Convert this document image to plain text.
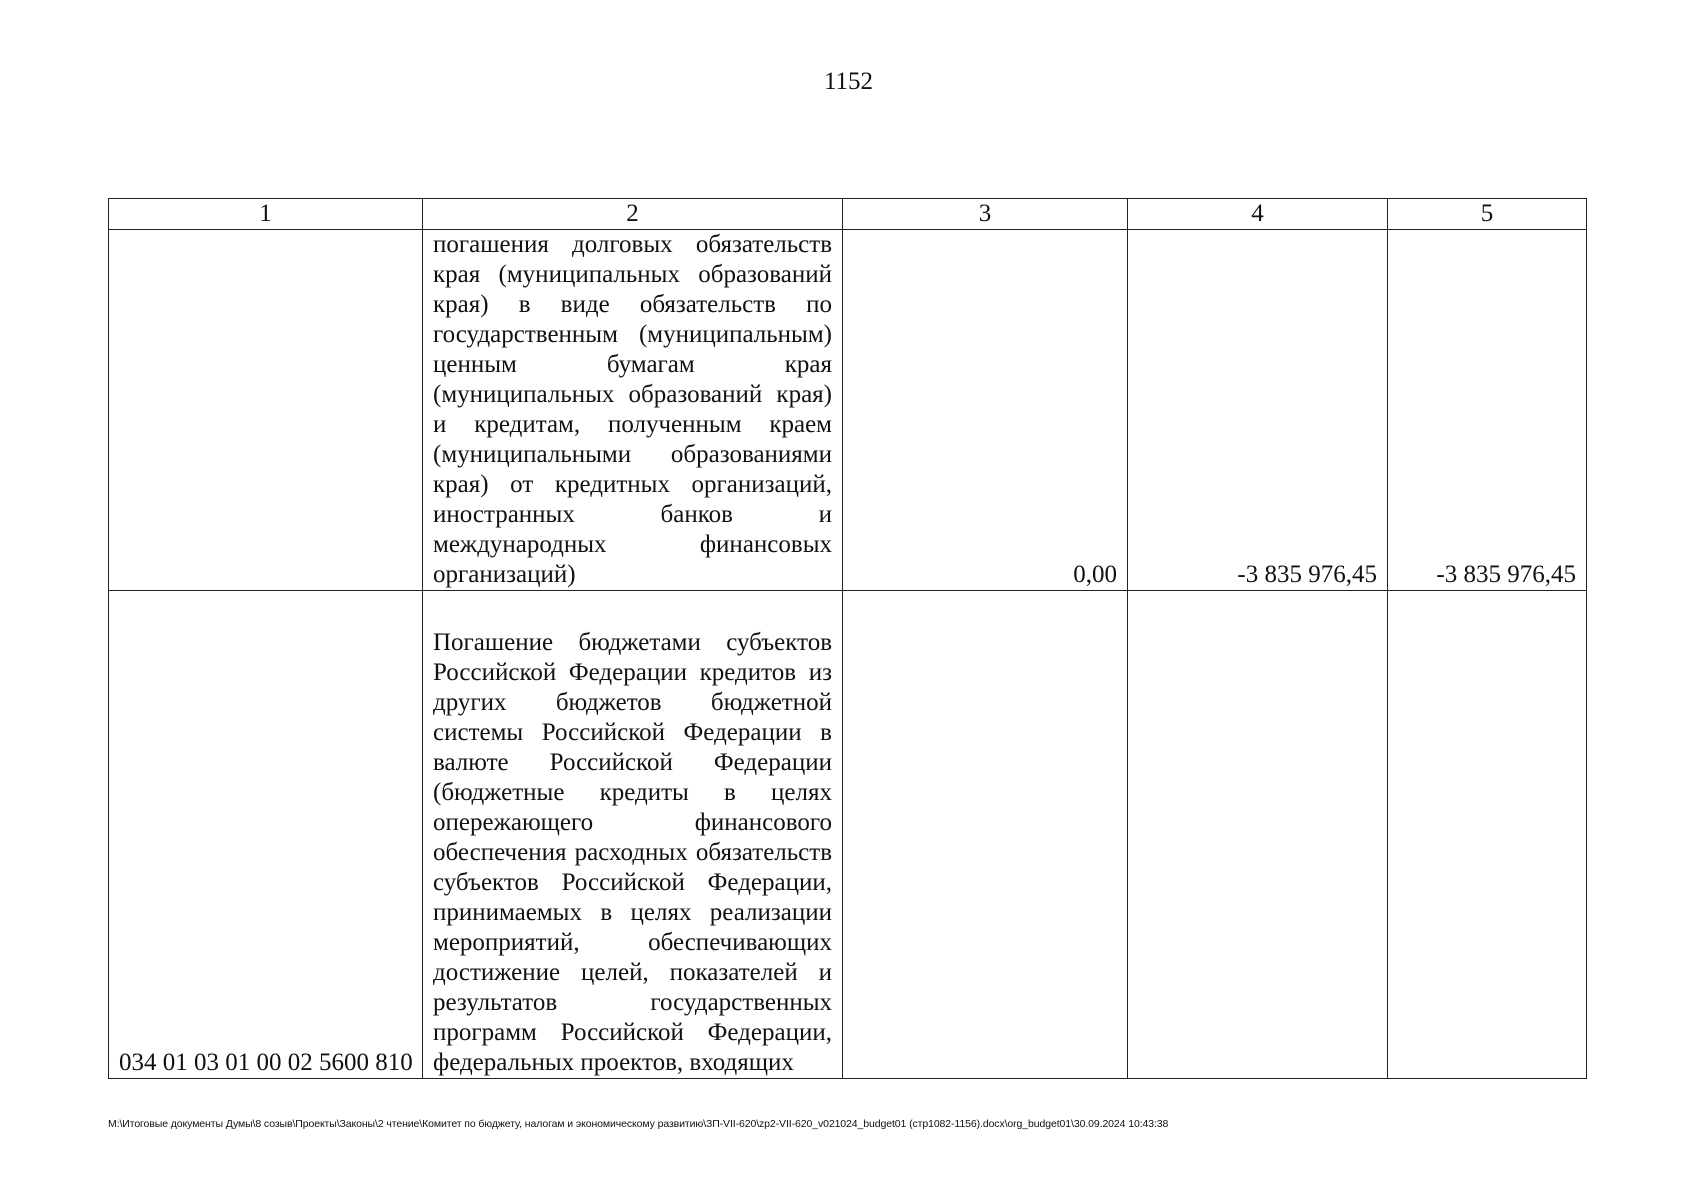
1152
1	2	3	4	5
	погашения долговых обязательств края (муниципальных образований края) в виде обязательств по государственным (муниципальным) ценным бумагам края (муниципальных образований края) и кредитам, полученным краем (муниципальными образованиями края) от кредитных организаций, иностранных банков и международных финансовых организаций)	0,00	-3 835 976,45	-3 835 976,45
034 01 03 01 00 02 5600 810	Погашение бюджетами субъектов Российской Федерации кредитов из других бюджетов бюджетной системы Российской Федерации в валюте Российской Федерации (бюджетные кредиты в целях опережающего финансового обеспечения расходных обязательств субъектов Российской Федерации, принимаемых в целях реализации мероприятий, обеспечивающих достижение целей, показателей и результатов государственных программ Российской Федерации, федеральных проектов, входящих			
M:\Итоговые документы Думы\8 созыв\Проекты\Законы\2 чтение\Комитет по бюджету, налогам и экономическому развитию\ЗП-VII-620\zp2-VII-620_v021024_budget01 (стр1082-1156).docx\org_budget01\30.09.2024 10:43:38
